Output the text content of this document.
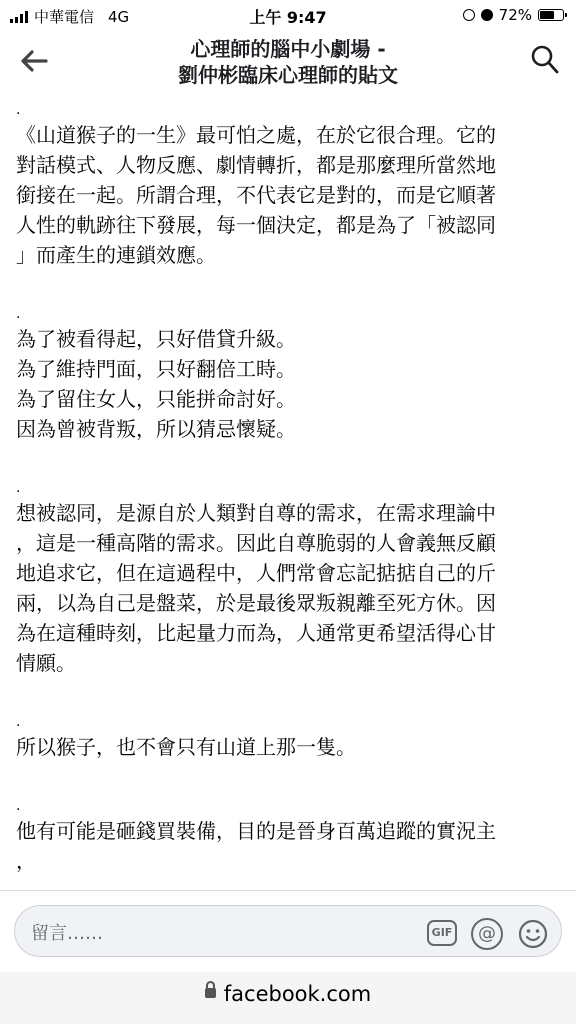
中華電信 4G	上午 9:47	72%
心理師的腦中小劇場 -
劉仲彬臨床心理師的貼文
.
《山道猴子的一生》最可怕之處，在於它很合理。它的
對話模式、人物反應、劇情轉折，都是那麼理所當然地
銜接在一起。所謂合理，不代表它是對的，而是它順著
人性的軌跡往下發展，每一個決定，都是為了「被認同
」而產生的連鎖效應。
.
為了被看得起，只好借貸升級。
為了維持門面，只好翻倍工時。
為了留住女人，只能拼命討好。
因為曾被背叛，所以猜忌懷疑。
.
想被認同，是源自於人類對自尊的需求，在需求理論中
，這是一種高階的需求。因此自尊脆弱的人會義無反顧
地追求它，但在這過程中，人們常會忘記掂掂自己的斤
兩，以為自己是盤菜，於是最後眾叛親離至死方休。因
為在這種時刻，比起量力而為，人通常更希望活得心甘
情願。
.
所以猴子，也不會只有山道上那一隻。
.
他有可能是砸錢買裝備，目的是晉身百萬追蹤的實況主
，
留言……	GIF	@
facebook.com
